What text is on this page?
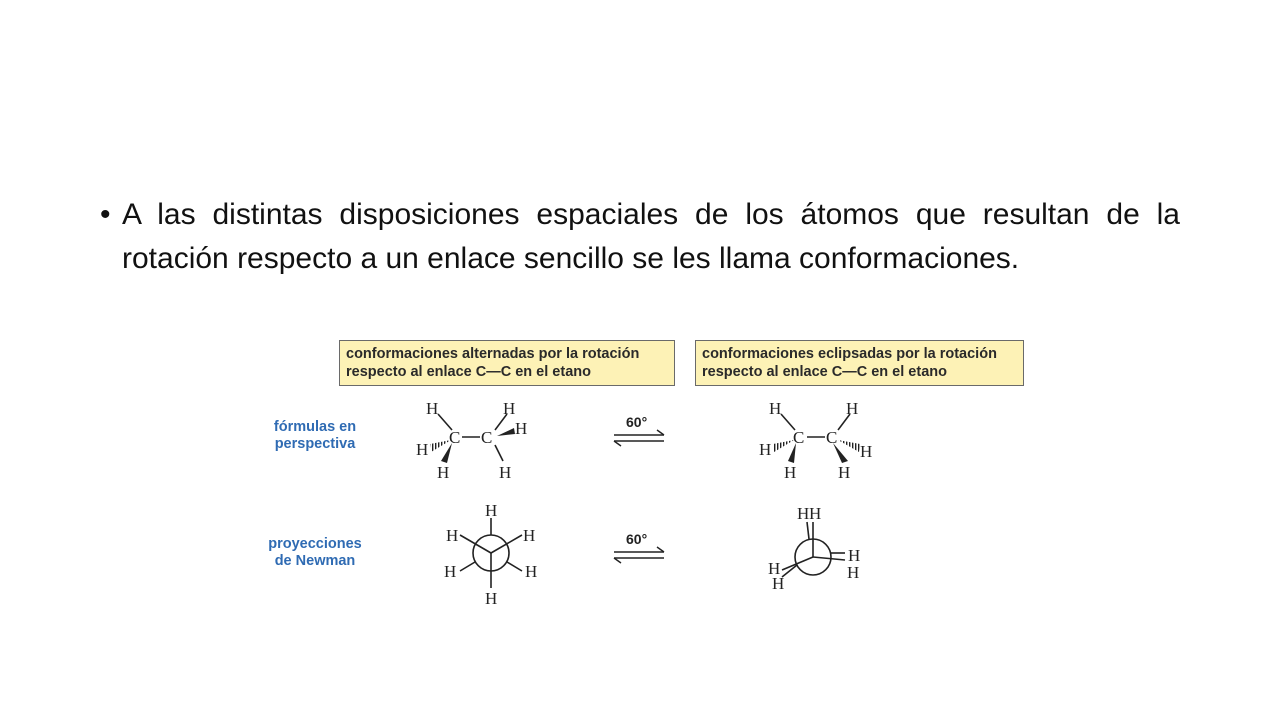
• A las distintas disposiciones espaciales de los átomos que resultan de la rotación respecto a un enlace sencillo se les llama conformaciones.
conformaciones alternadas por la rotación
respecto al enlace C—C en el etano
conformaciones eclipsadas por la rotación
respecto al enlace C—C en el etano
fórmulas en
perspectiva
proyecciones
de Newman
H
C C
H
H
H
H	H
60°
H
C C
H
H	H
H H
H
H
H
H
H
H
60°
H H
H
H
H
H
